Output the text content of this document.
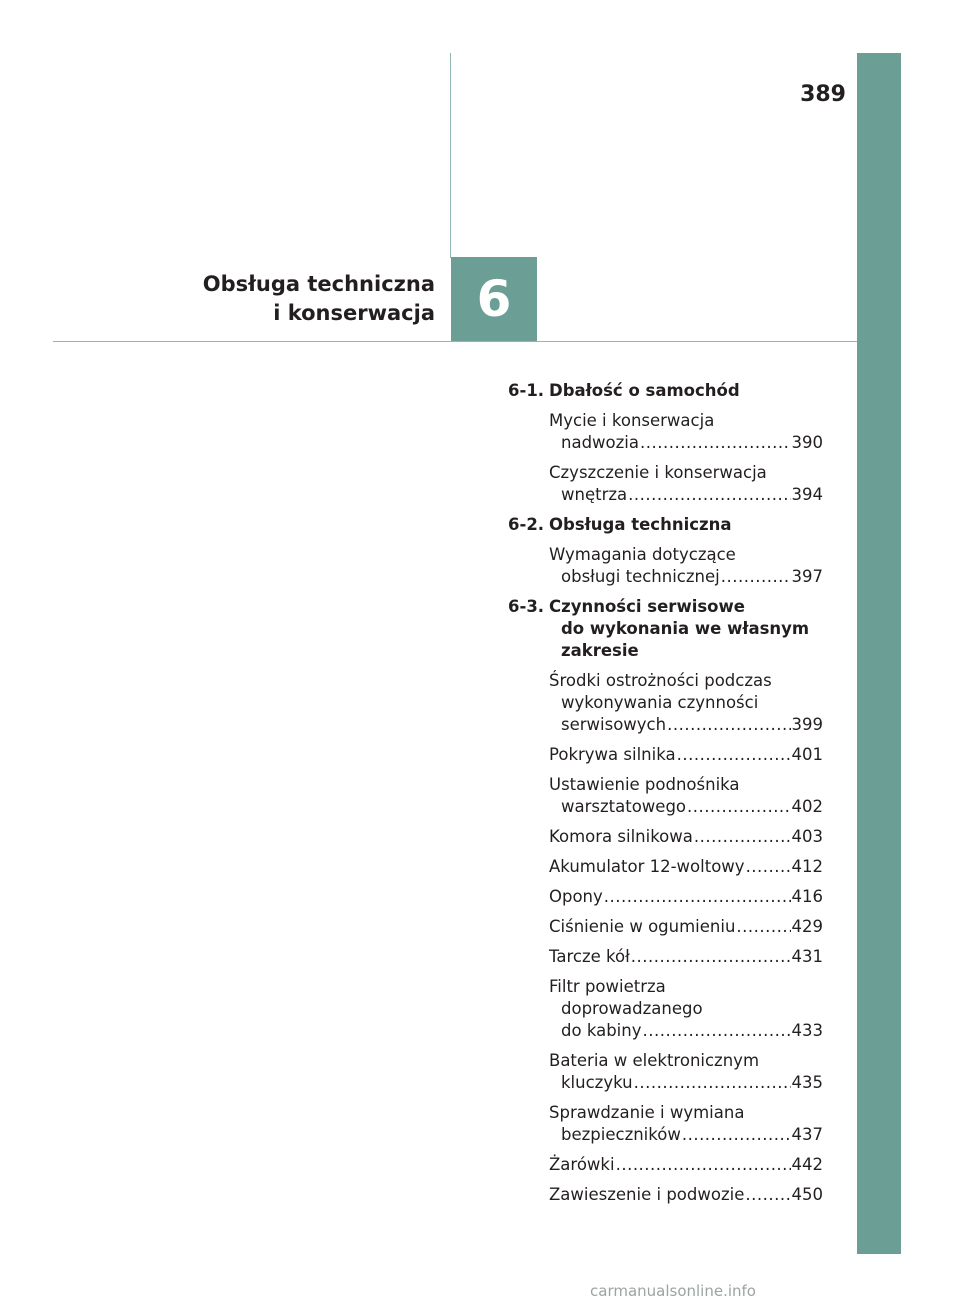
389
Obsługa techniczna
i konserwacja 6
6-1. Dbałość o samochód
Mycie i konserwacja
nadwozia .....	390
Czyszczenie i konserwacja
wnętrza .....	394
6-2. Obsługa techniczna
Wymagania dotyczące
obsługi technicznej .....	397
6-3. Czynności serwisowe
do wykonania we własnym
zakresie
Środki ostrożności podczas
wykonywania czynności
serwisowych .....	399
Pokrywa silnika .....	401
Ustawienie podnośnika
warsztatowego .....	402
Komora silnikowa .....	403
Akumulator 12-woltowy .....	412
Opony .....	416
Ciśnienie w ogumieniu .....	429
Tarcze kół .....	431
Filtr powietrza
doprowadzanego
do kabiny .....	433
Bateria w elektronicznym
kluczyku .....	435
Sprawdzanie i wymiana
bezpieczników .....	437
Żarówki .....	442
Zawieszenie i podwozie .....	450
carmanualsonline.info
